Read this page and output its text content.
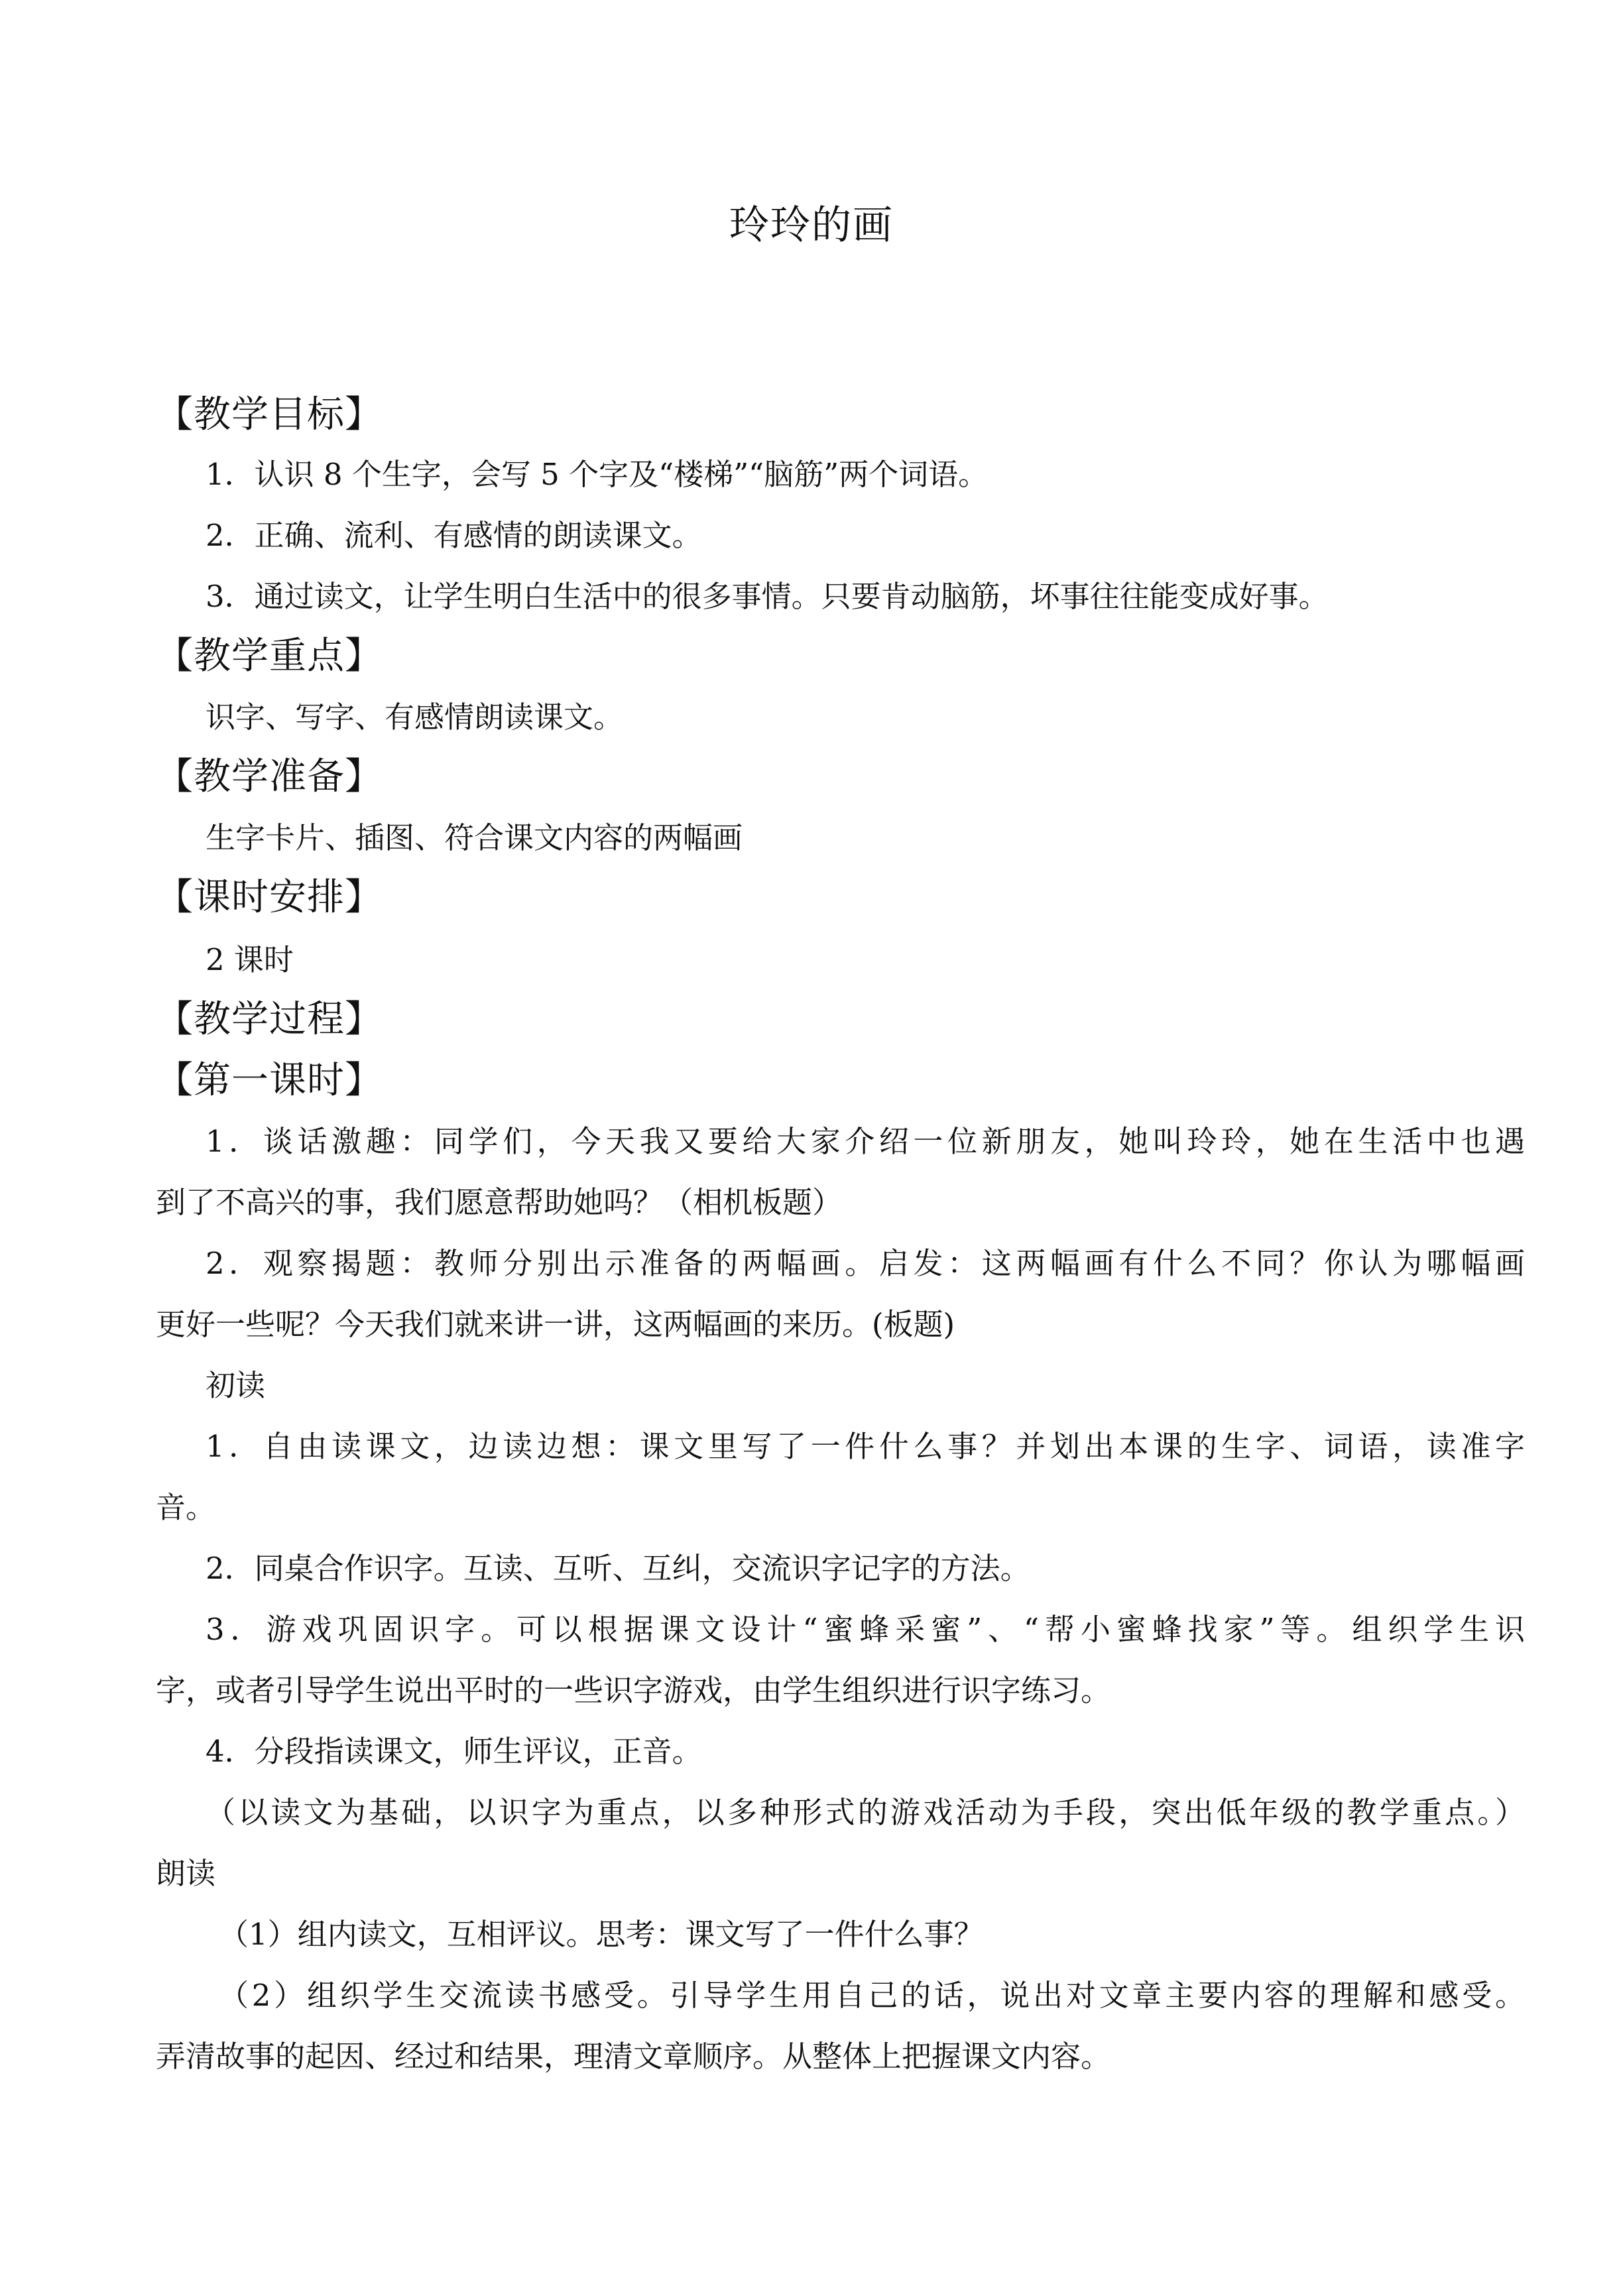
玲玲的画
【教学目标】
1．认识 8 个生字，会写 5 个字及“楼梯”“脑筋”两个词语。
2．正确、流利、有感情的朗读课文。
3．通过读文，让学生明白生活中的很多事情。只要肯动脑筋，坏事往往能变成好事。
【教学重点】
识字、写字、有感情朗读课文。
【教学准备】
生字卡片、插图、符合课文内容的两幅画
【课时安排】
2 课时
【教学过程】
【第一课时】
1．谈话激趣：同学们，今天我又要给大家介绍一位新朋友，她叫玲玲，她在生活中也遇
到了不高兴的事，我们愿意帮助她吗？（相机板题）
2．观察揭题：教师分别出示准备的两幅画。启发：这两幅画有什么不同？你认为哪幅画
更好一些呢？今天我们就来讲一讲，这两幅画的来历。(板题)
初读
1．自由读课文，边读边想：课文里写了一件什么事？并划出本课的生字、词语，读准字
音。
2．同桌合作识字。互读、互听、互纠，交流识字记字的方法。
3．游戏巩固识字。可以根据课文设计“蜜蜂采蜜”、“帮小蜜蜂找家”等。组织学生识
字，或者引导学生说出平时的一些识字游戏，由学生组织进行识字练习。
4．分段指读课文，师生评议，正音。
（以读文为基础，以识字为重点，以多种形式的游戏活动为手段，突出低年级的教学重点。）
朗读
（1）组内读文，互相评议。思考：课文写了一件什么事？
（2）组织学生交流读书感受。引导学生用自己的话，说出对文章主要内容的理解和感受。
弄清故事的起因、经过和结果，理清文章顺序。从整体上把握课文内容。
